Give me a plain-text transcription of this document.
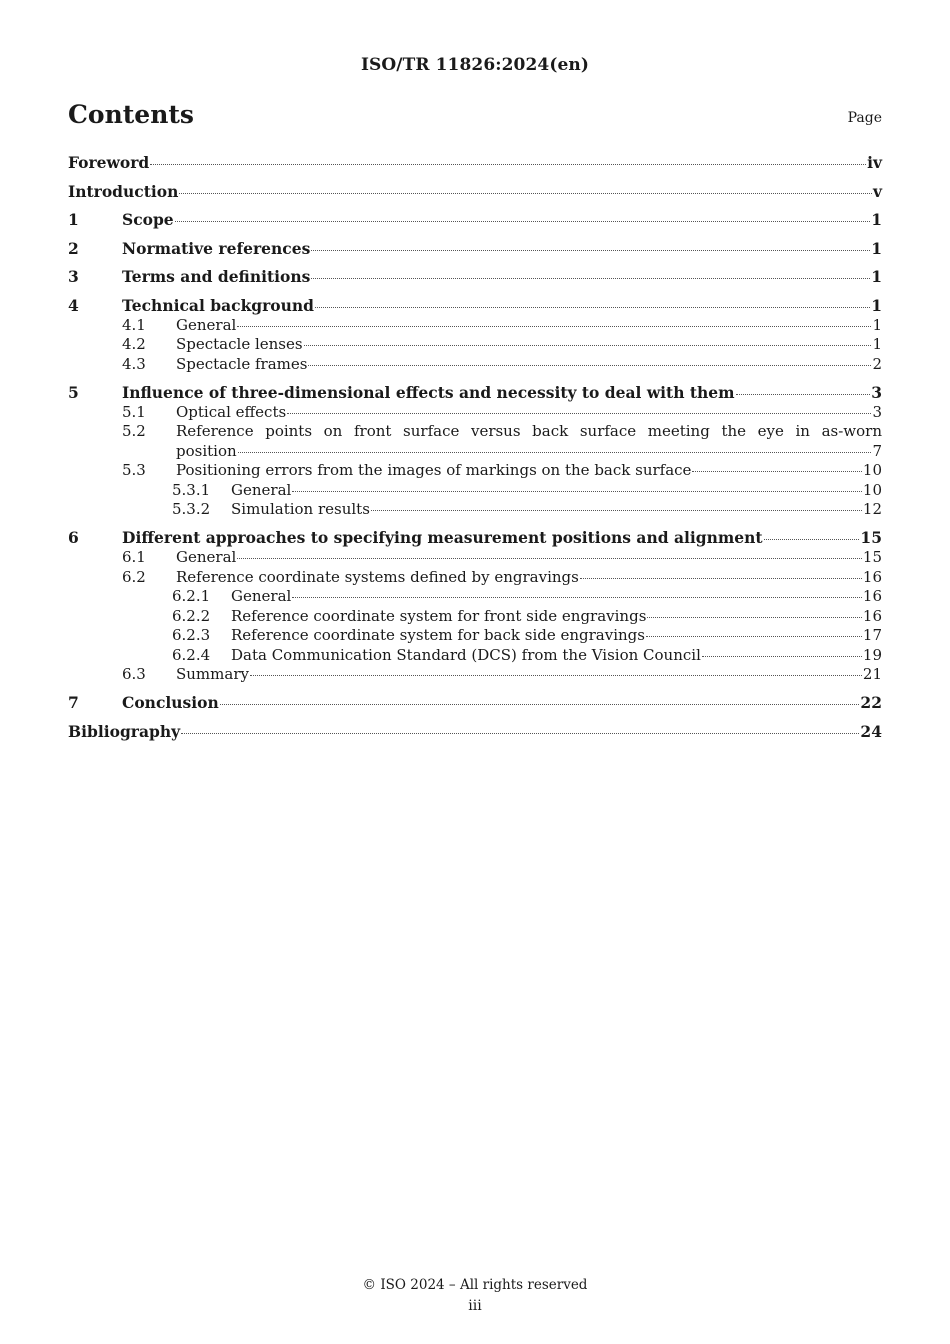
ISO/TR 11826:2024(en)
Contents	Page
Foreword	iv
Introduction	v
1	Scope	1
2	Normative references	1
3	Terms and definitions	1
4	Technical background	1
4.1	General	1
4.2	Spectacle lenses	1
4.3	Spectacle frames	2
5	Influence of three-dimensional effects and necessity to deal with them	3
5.1	Optical effects	3
5.2	Reference points on front surface versus back surface meeting the eye in as-worn
position	7
5.3	Positioning errors from the images of markings on the back surface	10
5.3.1	General	10
5.3.2	Simulation results	12
6	Different approaches to specifying measurement positions and alignment	15
6.1	General	15
6.2	Reference coordinate systems defined by engravings	16
6.2.1	General	16
6.2.2	Reference coordinate system for front side engravings	16
6.2.3	Reference coordinate system for back side engravings	17
6.2.4	Data Communication Standard (DCS) from the Vision Council	19
6.3	Summary	21
7	Conclusion	22
Bibliography	24
© ISO 2024 – All rights reserved
iii
